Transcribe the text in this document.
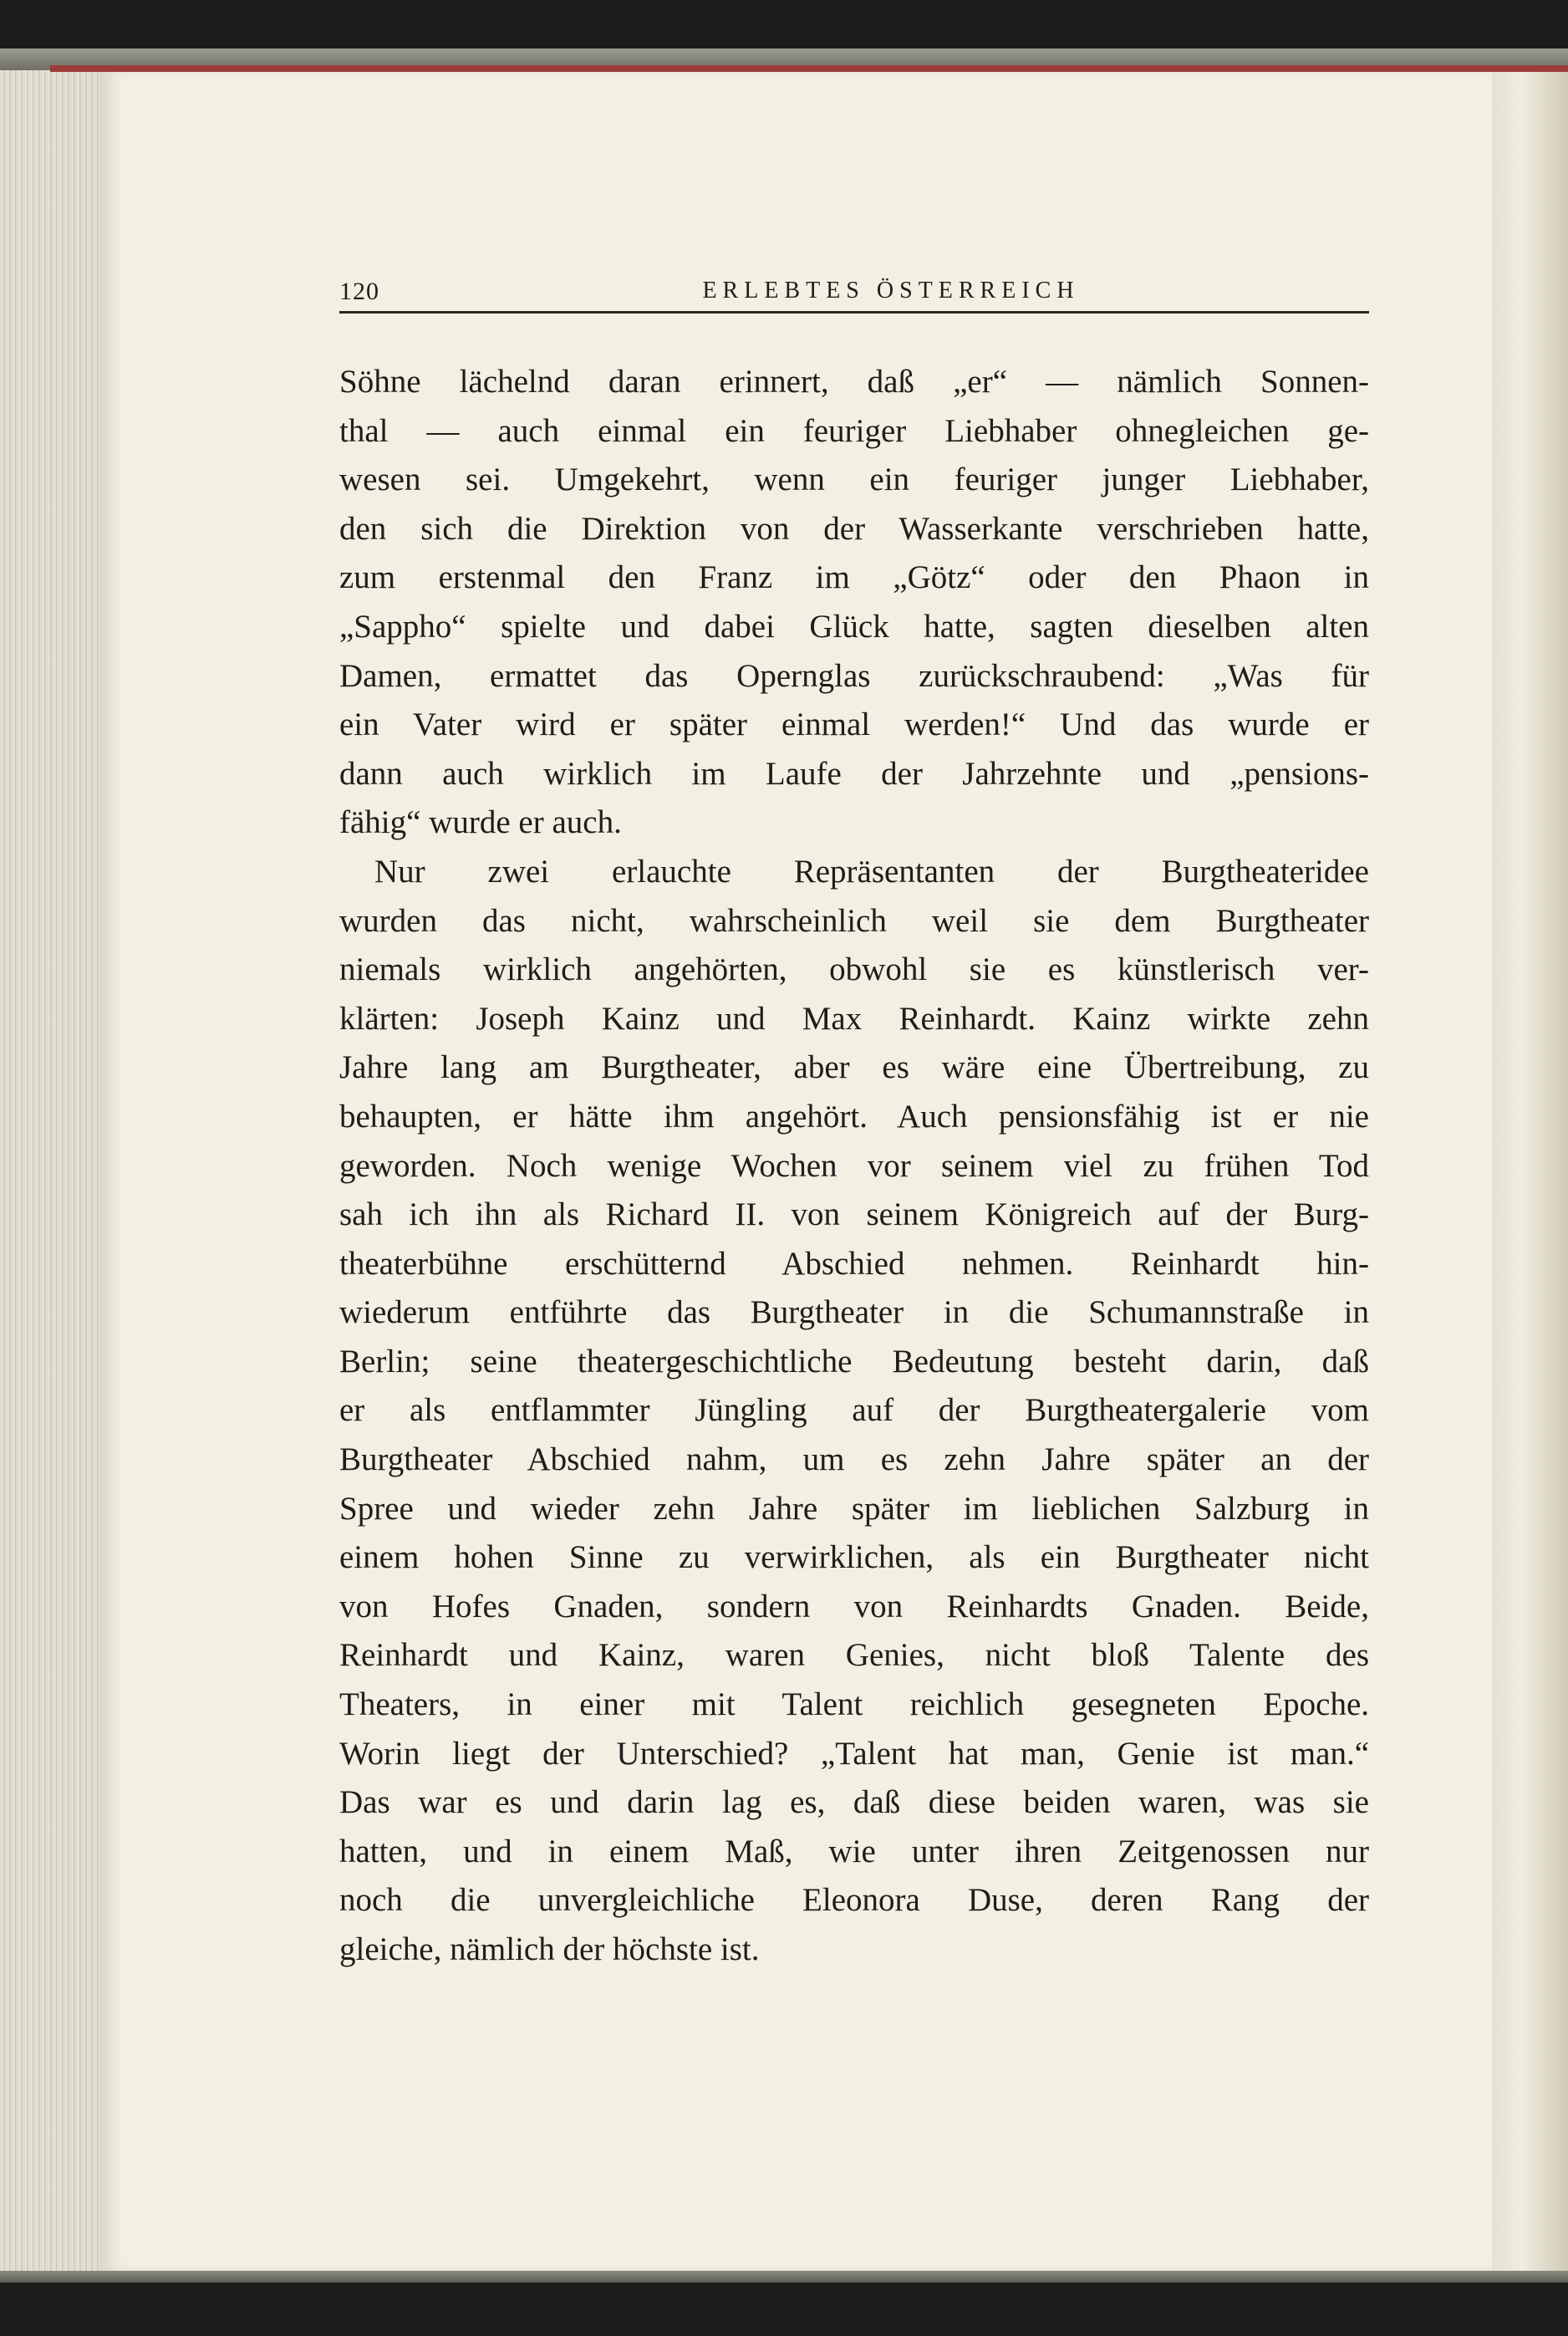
120	ERLEBTES ÖSTERREICH
Söhne lächelnd daran erinnert, daß „er“ — nämlich Sonnen-
thal — auch einmal ein feuriger Liebhaber ohnegleichen ge-
wesen sei. Umgekehrt, wenn ein feuriger junger Liebhaber,
den sich die Direktion von der Wasserkante verschrieben hatte,
zum erstenmal den Franz im „Götz“ oder den Phaon in
„Sappho“ spielte und dabei Glück hatte, sagten dieselben alten
Damen, ermattet das Opernglas zurückschraubend: „Was für
ein Vater wird er später einmal werden!“ Und das wurde er
dann auch wirklich im Laufe der Jahrzehnte und „pensions-
fähig“ wurde er auch.
Nur zwei erlauchte Repräsentanten der Burgtheateridee
wurden das nicht, wahrscheinlich weil sie dem Burgtheater
niemals wirklich angehörten, obwohl sie es künstlerisch ver-
klärten: Joseph Kainz und Max Reinhardt. Kainz wirkte zehn
Jahre lang am Burgtheater, aber es wäre eine Übertreibung, zu
behaupten, er hätte ihm angehört. Auch pensionsfähig ist er nie
geworden. Noch wenige Wochen vor seinem viel zu frühen Tod
sah ich ihn als Richard II. von seinem Königreich auf der Burg-
theaterbühne erschütternd Abschied nehmen. Reinhardt hin-
wiederum entführte das Burgtheater in die Schumannstraße in
Berlin; seine theatergeschichtliche Bedeutung besteht darin, daß
er als entflammter Jüngling auf der Burgtheatergalerie vom
Burgtheater Abschied nahm, um es zehn Jahre später an der
Spree und wieder zehn Jahre später im lieblichen Salzburg in
einem hohen Sinne zu verwirklichen, als ein Burgtheater nicht
von Hofes Gnaden, sondern von Reinhardts Gnaden. Beide,
Reinhardt und Kainz, waren Genies, nicht bloß Talente des
Theaters, in einer mit Talent reichlich gesegneten Epoche.
Worin liegt der Unterschied? „Talent hat man, Genie ist man.“
Das war es und darin lag es, daß diese beiden waren, was sie
hatten, und in einem Maß, wie unter ihren Zeitgenossen nur
noch die unvergleichliche Eleonora Duse, deren Rang der
gleiche, nämlich der höchste ist.
